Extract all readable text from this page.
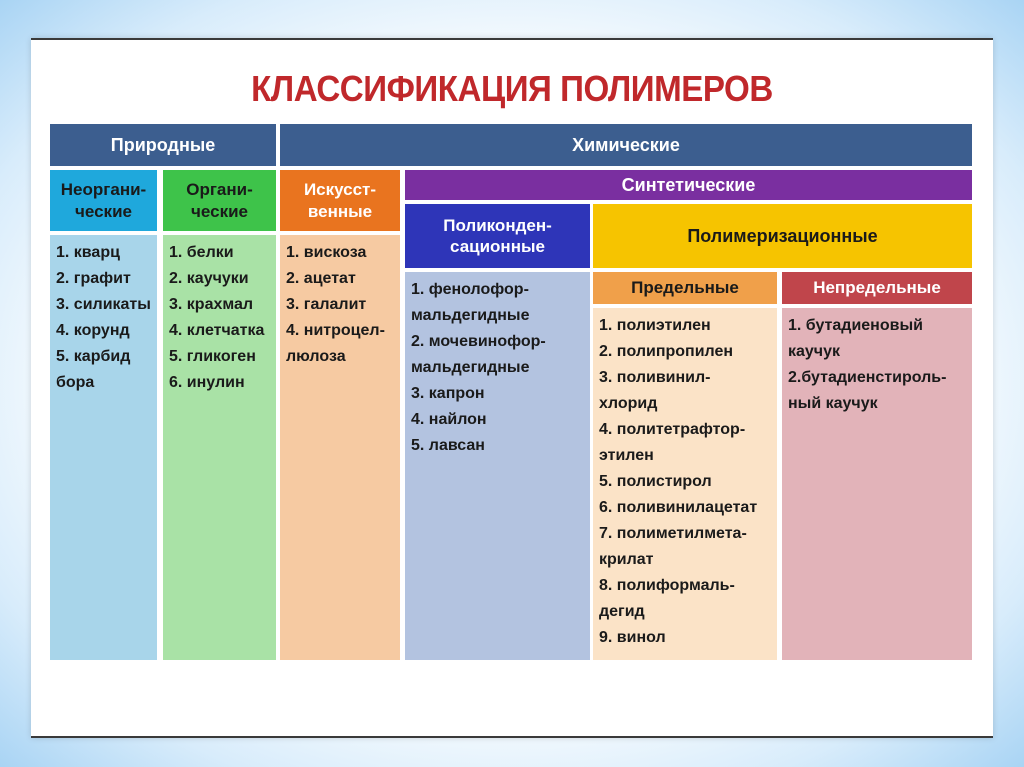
КЛАССИФИКАЦИЯ ПОЛИМЕРОВ
Природные	Химические
Неоргани-
ческие
Органи-
ческие
Искусст-
венные
Синтетические
Поликонден-
сационные
Полимеризационные
Предельные	Непредельные
1. кварц
2. графит
3. силикаты
4. корунд
5. карбид
бора
1. белки
2. каучуки
3. крахмал
4. клетчатка
5. гликоген
6. инулин
1. вискоза
2. ацетат
3. галалит
4. нитроцел-
люлоза
1. фенолофор-
мальдегидные
2. мочевинофор-
мальдегидные
3. капрон
4. найлон
5. лавсан
1. полиэтилен
2. полипропилен
3. поливинил-
хлорид
4. политетрафтор-
этилен
5. полистирол
6. поливинилацетат
7. полиметилмета-
крилат
8. полиформаль-
дегид
9. винол
1. бутадиеновый
каучук
2.бутадиенстироль-
ный каучук
